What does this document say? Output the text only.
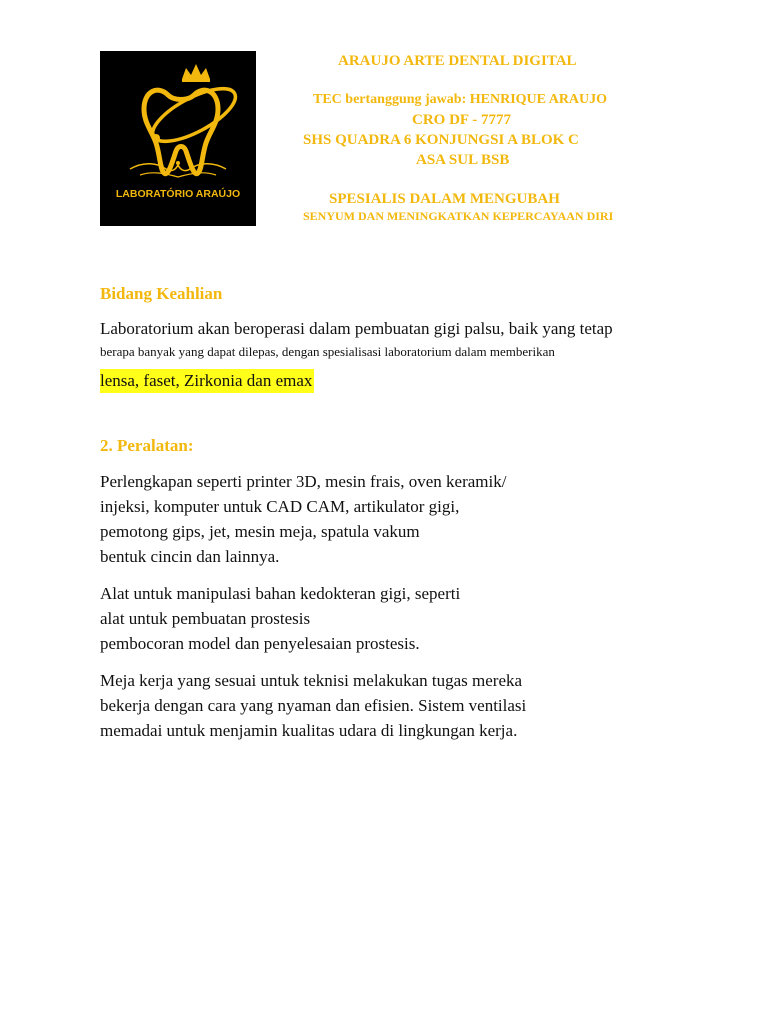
LABORATÓRIO ARAÚJO
ARAUJO ARTE DENTAL DIGITAL
TEC bertanggung jawab: HENRIQUE ARAUJO
CRO DF - 7777
SHS QUADRA 6 KONJUNGSI A BLOK C
ASA SUL BSB
SPESIALIS DALAM MENGUBAH
SENYUM DAN MENINGKATKAN KEPERCAYAAN DIRI
Bidang Keahlian
Laboratorium akan beroperasi dalam pembuatan gigi palsu, baik yang tetap
berapa banyak yang dapat dilepas, dengan spesialisasi laboratorium dalam memberikan
lensa, faset, Zirkonia dan emax
2. Peralatan:
Perlengkapan seperti printer 3D, mesin frais, oven keramik/
injeksi, komputer untuk CAD CAM, artikulator gigi,
pemotong gips, jet, mesin meja, spatula vakum
bentuk cincin dan lainnya.
Alat untuk manipulasi bahan kedokteran gigi, seperti
alat untuk pembuatan prostesis
pembocoran model dan penyelesaian prostesis.
Meja kerja yang sesuai untuk teknisi melakukan tugas mereka
bekerja dengan cara yang nyaman dan efisien. Sistem ventilasi
memadai untuk menjamin kualitas udara di lingkungan kerja.
